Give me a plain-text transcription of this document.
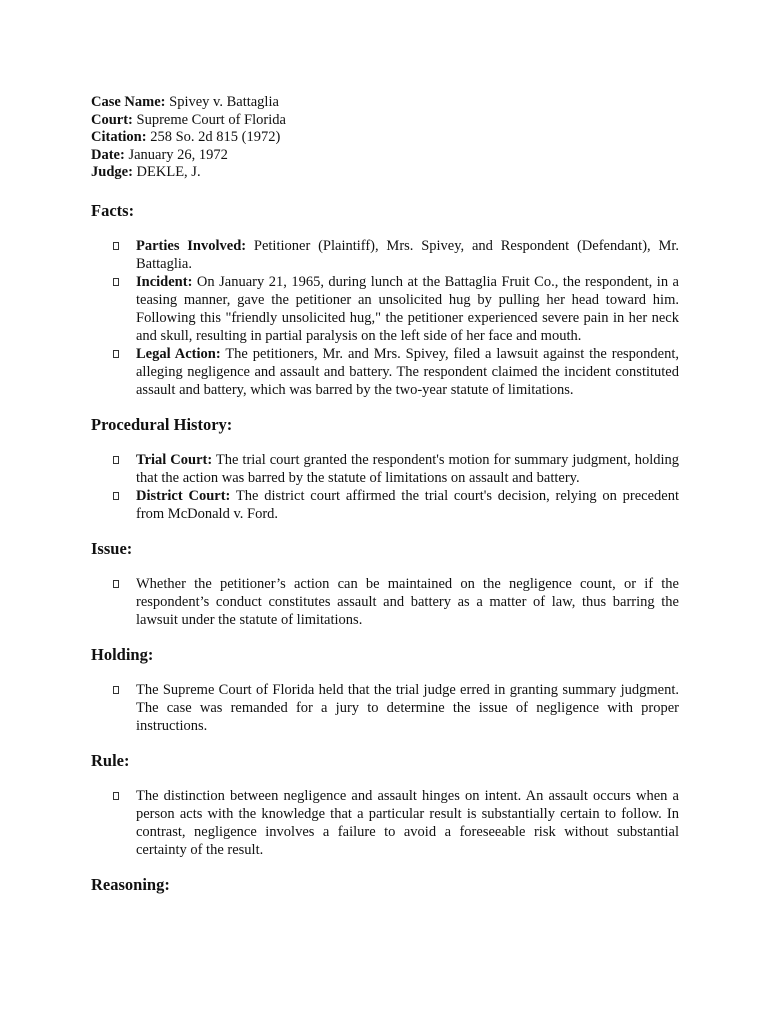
Case Name: Spivey v. Battaglia
Court: Supreme Court of Florida
Citation: 258 So. 2d 815 (1972)
Date: January 26, 1972
Judge: DEKLE, J.
Facts:
Parties Involved: Petitioner (Plaintiff), Mrs. Spivey, and Respondent (Defendant), Mr. Battaglia.
Incident: On January 21, 1965, during lunch at the Battaglia Fruit Co., the respondent, in a teasing manner, gave the petitioner an unsolicited hug by pulling her head toward him. Following this "friendly unsolicited hug," the petitioner experienced severe pain in her neck and skull, resulting in partial paralysis on the left side of her face and mouth.
Legal Action: The petitioners, Mr. and Mrs. Spivey, filed a lawsuit against the respondent, alleging negligence and assault and battery. The respondent claimed the incident constituted assault and battery, which was barred by the two-year statute of limitations.
Procedural History:
Trial Court: The trial court granted the respondent's motion for summary judgment, holding that the action was barred by the statute of limitations on assault and battery.
District Court: The district court affirmed the trial court's decision, relying on precedent from McDonald v. Ford.
Issue:
Whether the petitioner’s action can be maintained on the negligence count, or if the respondent’s conduct constitutes assault and battery as a matter of law, thus barring the lawsuit under the statute of limitations.
Holding:
The Supreme Court of Florida held that the trial judge erred in granting summary judgment. The case was remanded for a jury to determine the issue of negligence with proper instructions.
Rule:
The distinction between negligence and assault hinges on intent. An assault occurs when a person acts with the knowledge that a particular result is substantially certain to follow. In contrast, negligence involves a failure to avoid a foreseeable risk without substantial certainty of the result.
Reasoning:
